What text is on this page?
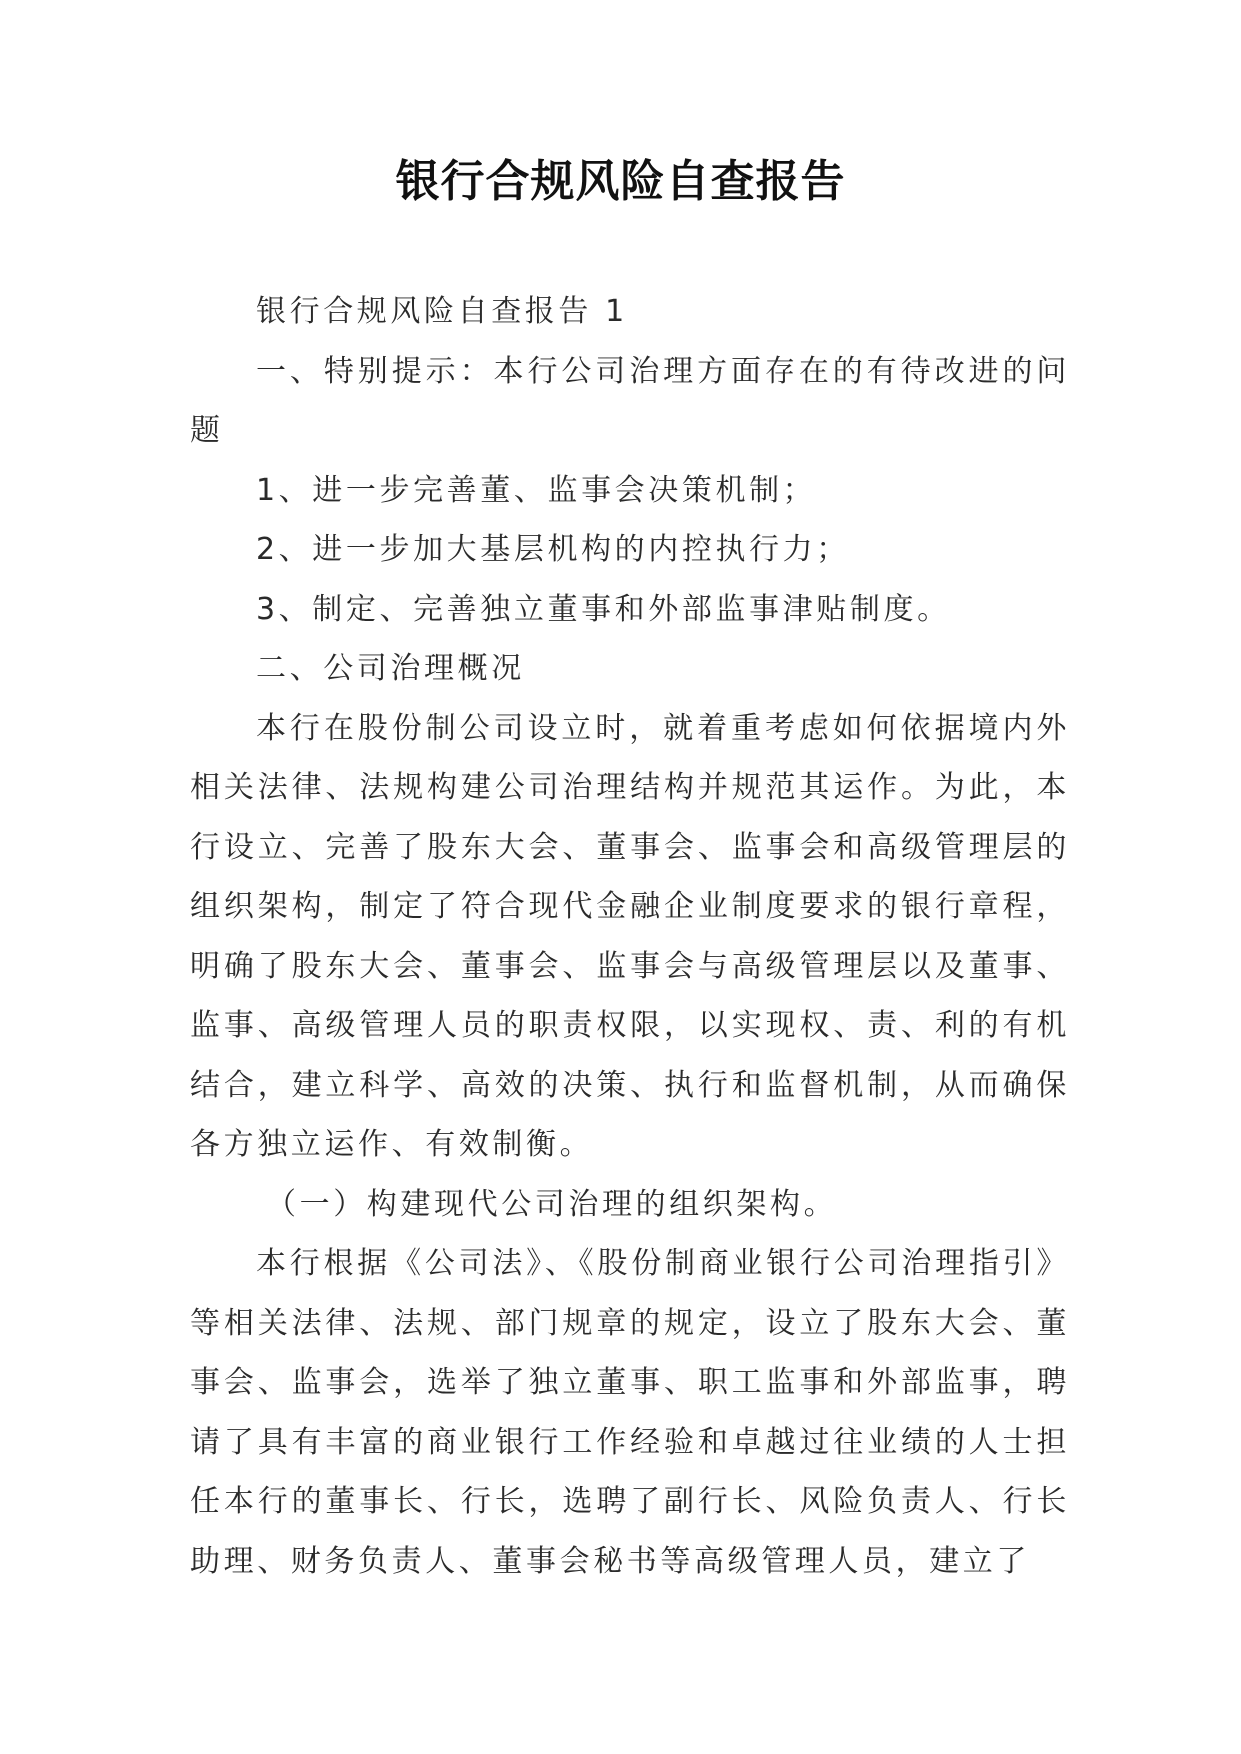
银行合规风险自查报告

银行合规风险自查报告 1

一、特别提示：本行公司治理方面存在的有待改进的问题

1、进一步完善董、监事会决策机制；

2、进一步加大基层机构的内控执行力；

3、制定、完善独立董事和外部监事津贴制度。

二、公司治理概况

本行在股份制公司设立时，就着重考虑如何依据境内外相关法律、法规构建公司治理结构并规范其运作。为此，本行设立、完善了股东大会、董事会、监事会和高级管理层的组织架构，制定了符合现代金融企业制度要求的银行章程，明确了股东大会、董事会、监事会与高级管理层以及董事、监事、高级管理人员的职责权限，以实现权、责、利的有机结合，建立科学、高效的决策、执行和监督机制，从而确保各方独立运作、有效制衡。

（一）构建现代公司治理的组织架构。

本行根据《公司法》、《股份制商业银行公司治理指引》等相关法律、法规、部门规章的规定，设立了股东大会、董事会、监事会，选举了独立董事、职工监事和外部监事，聘请了具有丰富的商业银行工作经验和卓越过往业绩的人士担任本行的董事长、行长，选聘了副行长、风险负责人、行长助理、财务负责人、董事会秘书等高级管理人员，建立了
